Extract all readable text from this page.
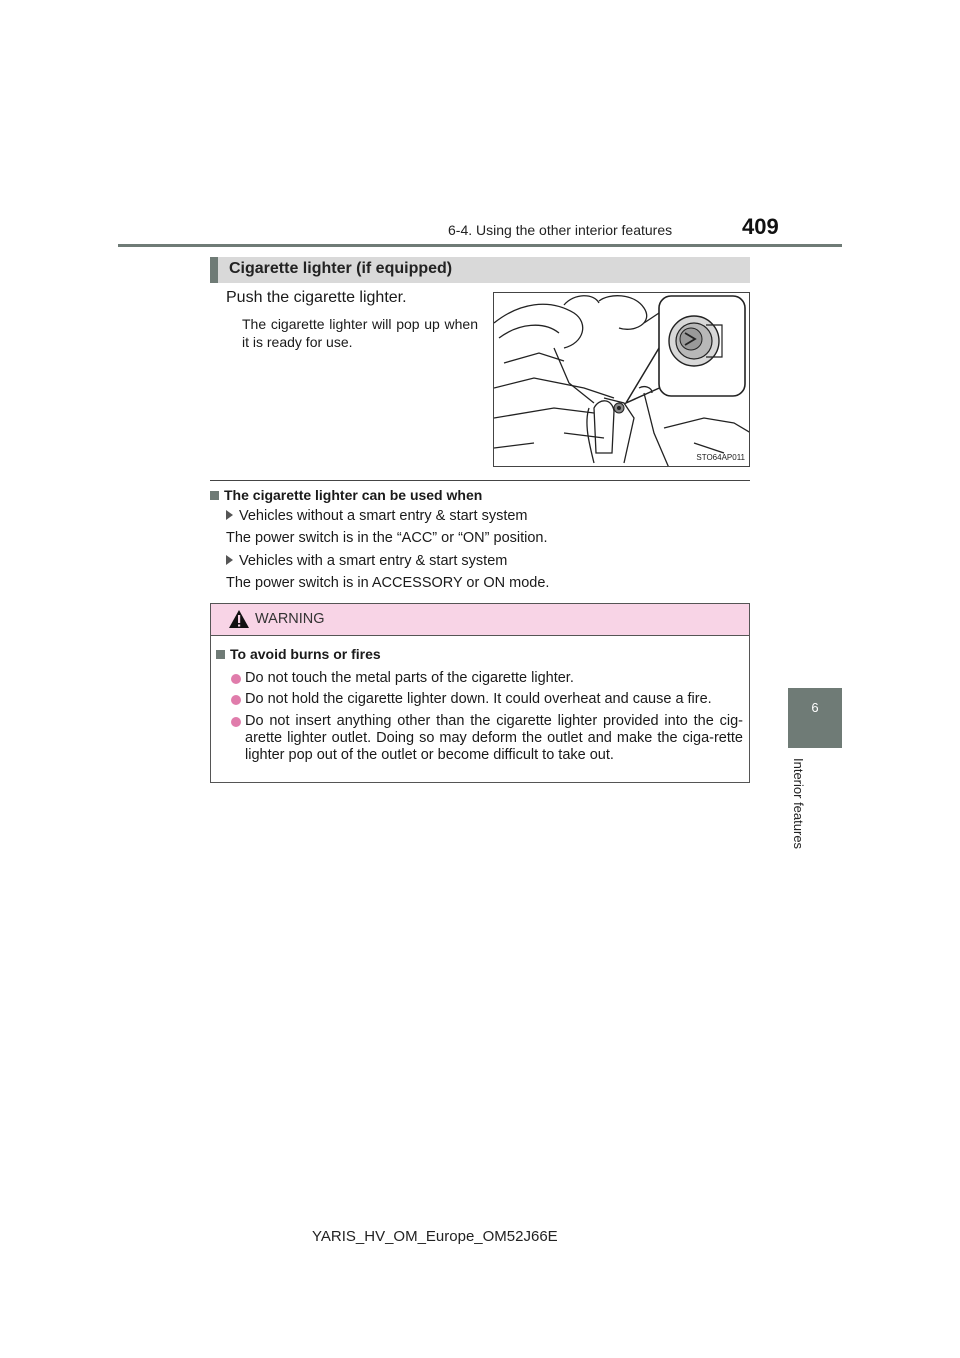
6-4. Using the other interior features	409
6
Interior features
Cigarette lighter (if equipped)
Push the cigarette lighter.
The cigarette lighter will pop up when it is ready for use.
STO64AP011
The cigarette lighter can be used when
Vehicles without a smart entry & start system
The power switch is in the “ACC” or “ON” position.
Vehicles with a smart entry & start system
The power switch is in ACCESSORY or ON mode.
WARNING
To avoid burns or fires
Do not touch the metal parts of the cigarette lighter.
Do not hold the cigarette lighter down. It could overheat and cause a fire.
Do not insert anything other than the cigarette lighter provided into the cig-arette lighter outlet. Doing so may deform the outlet and make the ciga-rette lighter pop out of the outlet or become difficult to take out.
YARIS_HV_OM_Europe_OM52J66E
